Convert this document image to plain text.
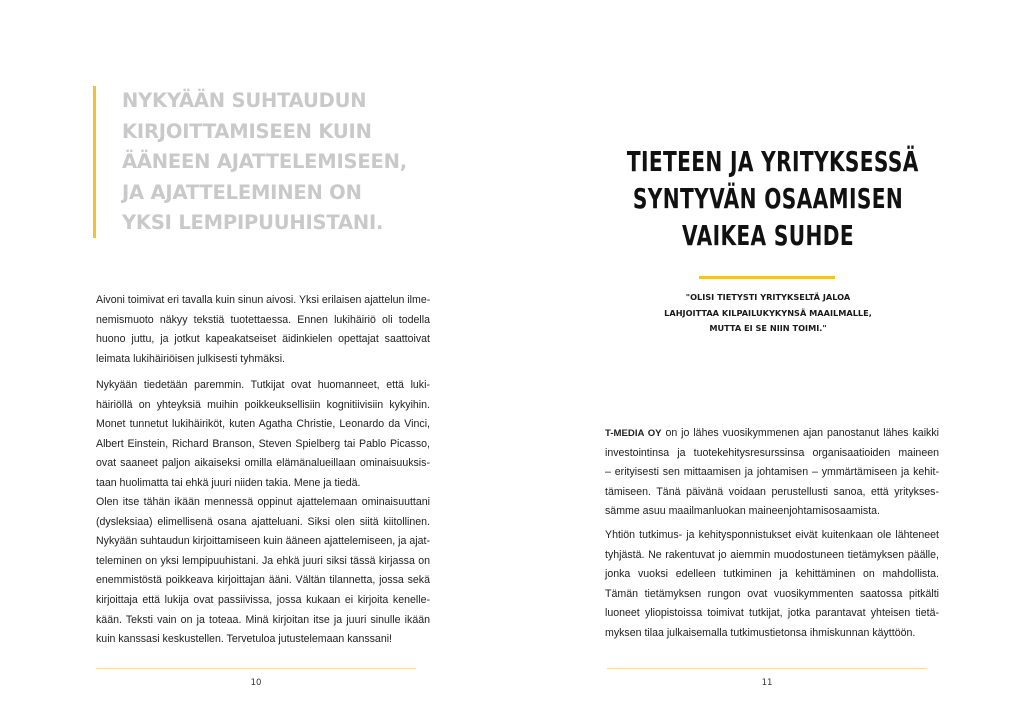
NYKYÄÄN SUHTAUDUN
KIRJOITTAMISEEN KUIN
ÄÄNEEN AJATTELEMISEEN,
JA AJATTELEMINEN ON
YKSI LEMPIPUUHISTANI.

Aivoni toimivat eri tavalla kuin sinun aivosi. Yksi erilaisen ajattelun ilme-
nemismuoto näkyy tekstiä tuotettaessa. Ennen lukihäiriö oli todella
huono juttu, ja jotkut kapeakatseiset äidinkielen opettajat saattoivat
leimata lukihäiriöisen julkisesti tyhmäksi.

Nykyään tiedetään paremmin. Tutkijat ovat huomanneet, että luki-
häiriöllä on yhteyksiä muihin poikkeuksellisiin kognitiivisiin kykyihin.
Monet tunnetut lukihäiriköt, kuten Agatha Christie, Leonardo da Vinci,
Albert Einstein, Richard Branson, Steven Spielberg tai Pablo Picasso,
ovat saaneet paljon aikaiseksi omilla elämänalueillaan ominaisuuksis-
taan huolimatta tai ehkä juuri niiden takia. Mene ja tiedä.

Olen itse tähän ikään mennessä oppinut ajattelemaan ominaisuuttani
(dysleksiaa) elimellisenä osana ajatteluani. Siksi olen siitä kiitollinen.
Nykyään suhtaudun kirjoittamiseen kuin ääneen ajattelemiseen, ja ajat-
teleminen on yksi lempipuuhistani. Ja ehkä juuri siksi tässä kirjassa on
enemmistöstä poikkeava kirjoittajan ääni. Vältän tilannetta, jossa sekä
kirjoittaja että lukija ovat passiivissa, jossa kukaan ei kirjoita kenelle-
kään. Teksti vain on ja toteaa. Minä kirjoitan itse ja juuri sinulle ikään
kuin kanssasi keskustellen. Tervetuloa jutustelemaan kanssani!

10
TIETEEN JA YRITYKSESSÄ
SYNTYVÄN OSAAMISEN
VAIKEA SUHDE

"OLISI TIETYSTI YRITYKSELTÄ JALOA
LAHJOITTAA KILPAILUKYKYNSÄ MAAILMALLE,
MUTTA EI SE NIIN TOIMI."

T-MEDIA OY on jo lähes vuosikymmenen ajan panostanut lähes kaikki
investointinsa ja tuotekehitysresurssinsa organisaatioiden maineen
– erityisesti sen mittaamisen ja johtamisen – ymmärtämiseen ja kehit-
tämiseen. Tänä päivänä voidaan perustellusti sanoa, että yritykses-
sämme asuu maailmanluokan maineenjohtamisosaamista.

Yhtiön tutkimus- ja kehitysponnistukset eivät kuitenkaan ole lähteneet
tyhjästä. Ne rakentuvat jo aiemmin muodostuneen tietämyksen päälle,
jonka vuoksi edelleen tutkiminen ja kehittäminen on mahdollista.
Tämän tietämyksen rungon ovat vuosikymmenten saatossa pitkälti
luoneet yliopistoissa toimivat tutkijat, jotka parantavat yhteisen tietä-
myksen tilaa julkaisemalla tutkimustietonsa ihmiskunnan käyttöön.

11
